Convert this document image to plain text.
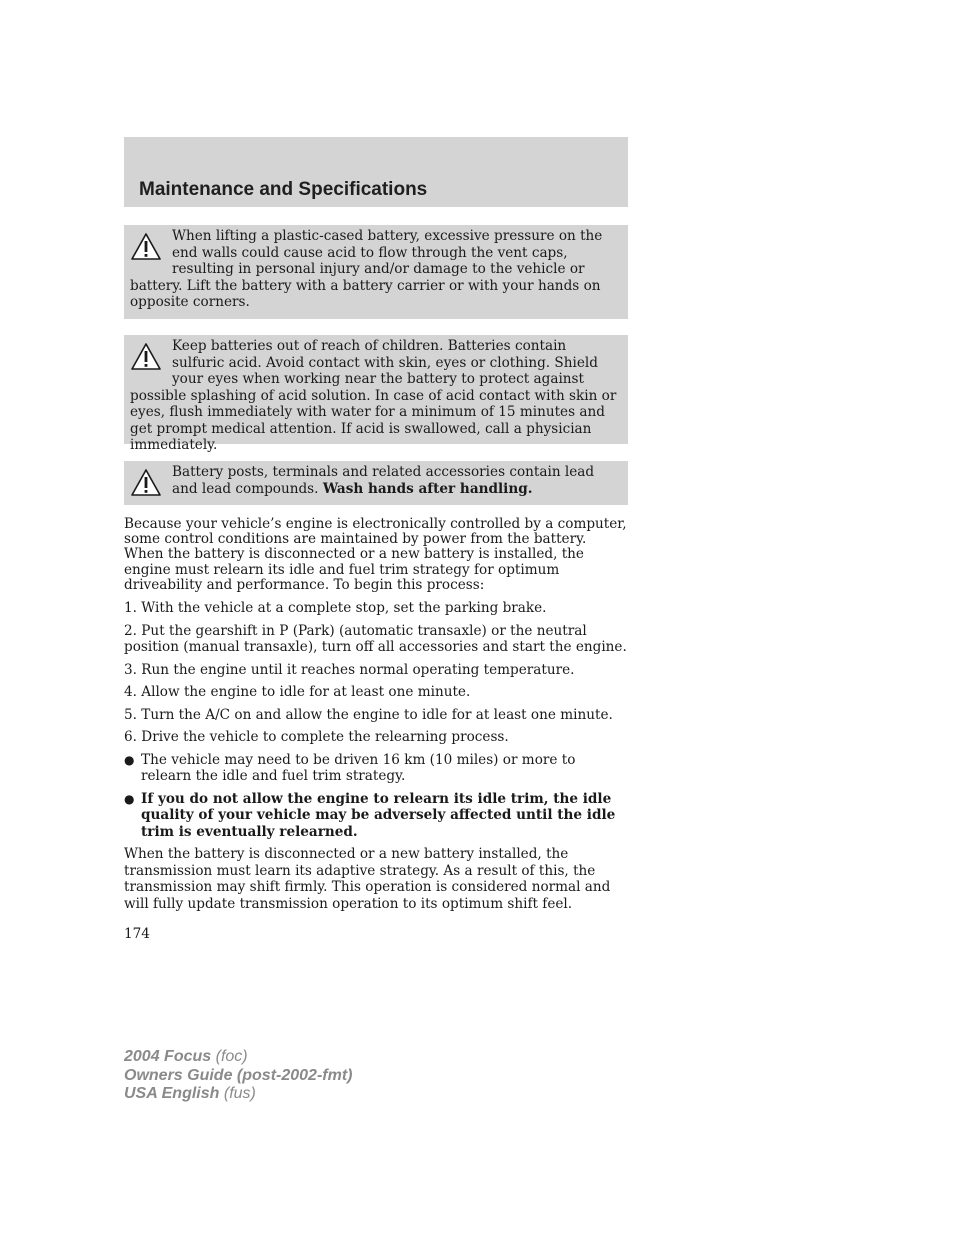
Maintenance and Specifications

When lifting a plastic-cased battery, excessive pressure on the end walls could cause acid to flow through the vent caps, resulting in personal injury and/or damage to the vehicle or battery. Lift the battery with a battery carrier or with your hands on opposite corners.

Keep batteries out of reach of children. Batteries contain sulfuric acid. Avoid contact with skin, eyes or clothing. Shield your eyes when working near the battery to protect against possible splashing of acid solution. In case of acid contact with skin or eyes, flush immediately with water for a minimum of 15 minutes and get prompt medical attention. If acid is swallowed, call a physician immediately.

Battery posts, terminals and related accessories contain lead and lead compounds. Wash hands after handling.

Because your vehicle’s engine is electronically controlled by a computer, some control conditions are maintained by power from the battery. When the battery is disconnected or a new battery is installed, the engine must relearn its idle and fuel trim strategy for optimum driveability and performance. To begin this process:

1. With the vehicle at a complete stop, set the parking brake.

2. Put the gearshift in P (Park) (automatic transaxle) or the neutral position (manual transaxle), turn off all accessories and start the engine.

3. Run the engine until it reaches normal operating temperature.

4. Allow the engine to idle for at least one minute.

5. Turn the A/C on and allow the engine to idle for at least one minute.

6. Drive the vehicle to complete the relearning process.

● The vehicle may need to be driven 16 km (10 miles) or more to relearn the idle and fuel trim strategy.
● If you do not allow the engine to relearn its idle trim, the idle quality of your vehicle may be adversely affected until the idle trim is eventually relearned.

When the battery is disconnected or a new battery installed, the transmission must learn its adaptive strategy. As a result of this, the transmission may shift firmly. This operation is considered normal and will fully update transmission operation to its optimum shift feel.

174
2004 Focus (foc)
Owners Guide (post-2002-fmt)
USA English (fus)
